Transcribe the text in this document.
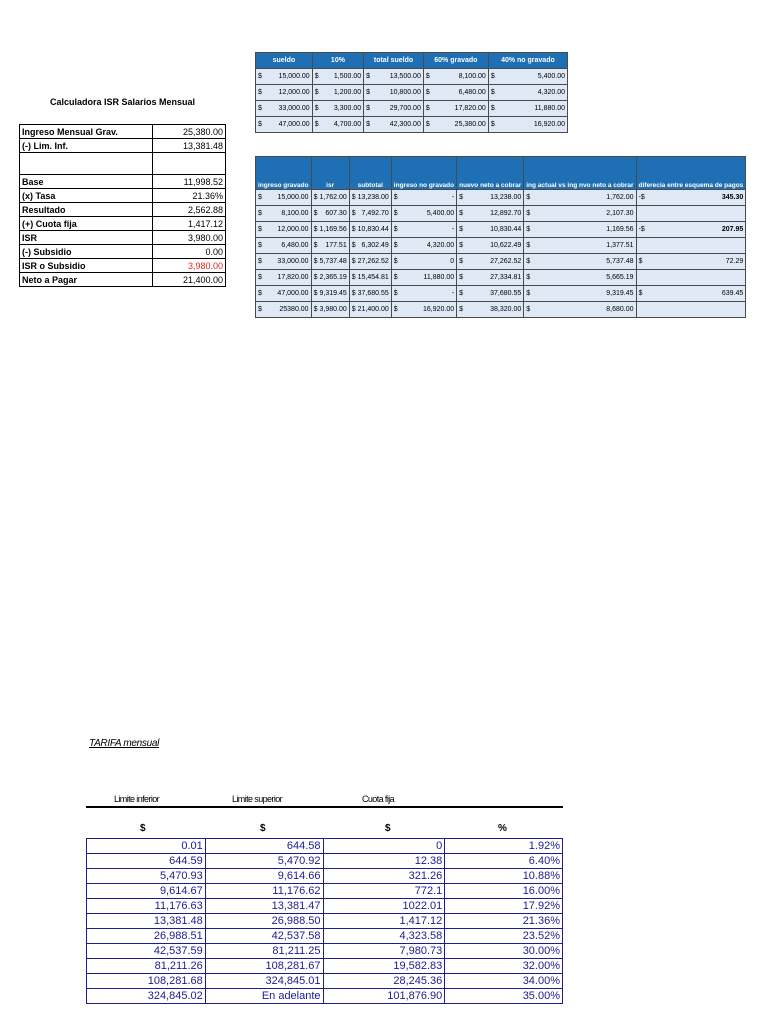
sueldo	10%	total sueldo	60% gravado	40% no gravado

$ 15,000.00	$ 1,500.00	$ 13,500.00	$ 8,100.00	$ 5,400.00

$ 12,000.00	$ 1,200.00	$ 10,800.00	$ 6,480.00	$ 4,320.00

$ 33,000.00	$ 3,300.00	$ 29,700.00	$ 17,820.00	$ 11,880.00

$ 47,000.00	$ 4,700.00	$ 42,300.00	$ 25,380.00	$ 16,920.00
Calculadora ISR Salarios Mensual
Ingreso Mensual Grav.	25,380.00
(-) Lim. Inf.	13,381.48

Base	11,998.52
(x) Tasa	21.36%
Resultado	2,562.88
(+) Cuota fija	1,417.12
ISR	3,980.00
(-) Subsidio	0.00
ISR o Subsidio	3,980.00
Neto a Pagar	21,400.00
ingreso gravado	isr	subtotal	ingreso no gravado	nuevo neto a cobrar	ing actual vs ing nvo neto a cobrar	diferecia entre esquema de pagos

$ 15,000.00	$ 1,762.00	$ 13,238.00	$ -	$ 13,238.00	$ 1,762.00	-$ 345.30

$ 8,100.00	$ 607.30	$ 7,492.70	$ 5,400.00	$ 12,892.70	$ 2,107.30	

$ 12,000.00	$ 1,169.56	$ 10,830.44	$ -	$ 10,830.44	$ 1,169.56	-$ 207.95

$ 6,480.00	$ 177.51	$ 6,302.49	$ 4,320.00	$ 10,622.49	$ 1,377.51	

$ 33,000.00	$ 5,737.48	$ 27,262.52	$ 0	$ 27,262.52	$ 5,737.48	$ 72.29

$ 17,820.00	$ 2,365.19	$ 15,454.81	$ 11,880.00	$ 27,334.81	$ 5,665.19	

$ 47,000.00	$ 9,319.45	$ 37,680.55	$ -	$ 37,680.55	$ 9,319.45	$ 639.45

$ 25380.00	$ 3,980.00	$ 21,400.00	$ 16,920.00	$ 38,320.00	$ 8,680.00	

TARIFA mensual
Limite inferior	Limite superior	Cuota fija
$	$	$	%
0.01	644.58	0	1.92%
644.59	5,470.92	12.38	6.40%
5,470.93	9,614.66	321.26	10.88%
9,614.67	11,176.62	772.1	16.00%
11,176.63	13,381.47	1022.01	17.92%
13,381.48	26,988.50	1,417.12	21.36%
26,988.51	42,537.58	4,323.58	23.52%
42,537.59	81,211.25	7,980.73	30.00%
81,211.26	108,281.67	19,582.83	32.00%
108,281.68	324,845.01	28,245.36	34.00%
324,845.02	En adelante	101,876.90	35.00%
